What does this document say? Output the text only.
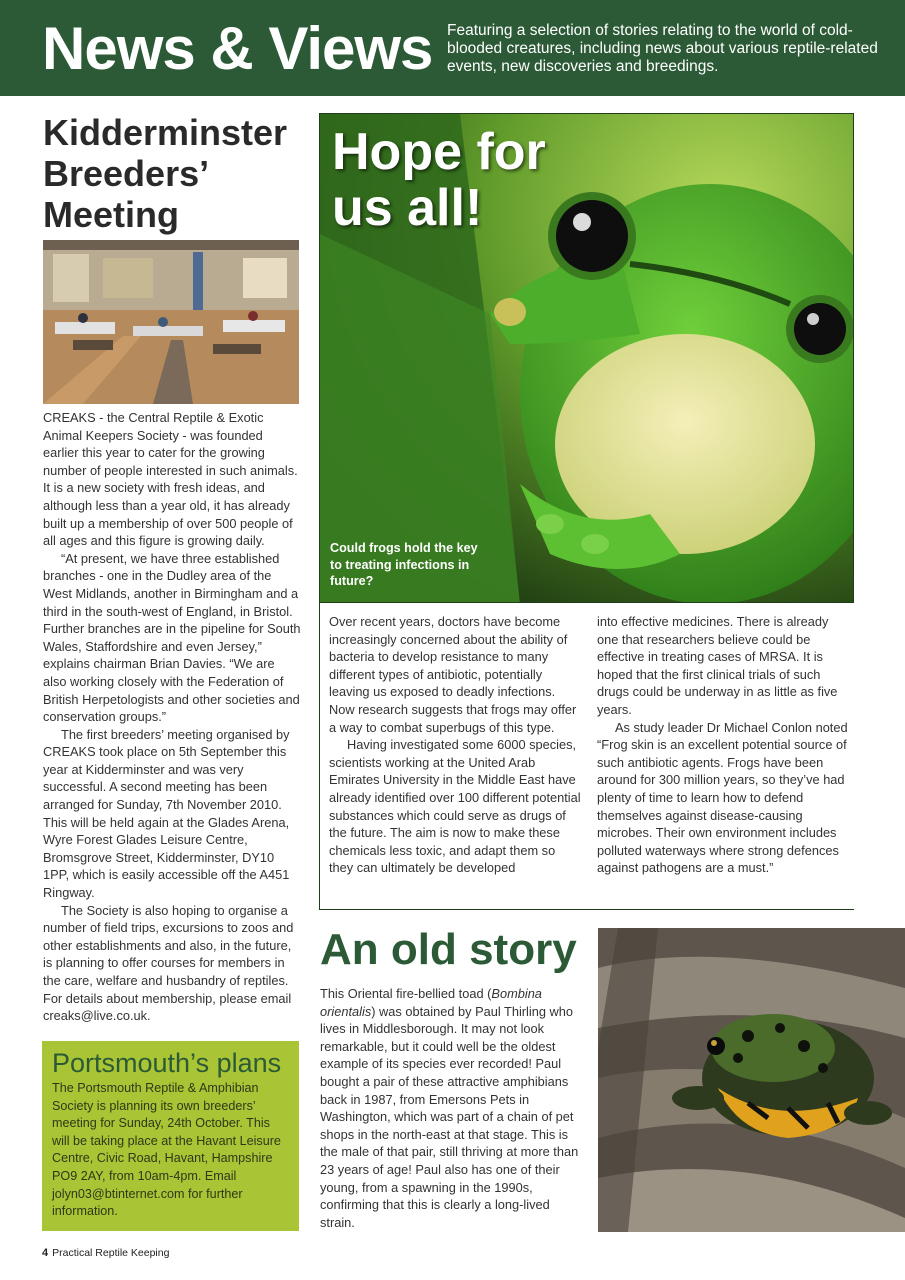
News & Views Featuring a selection of stories relating to the world of cold-blooded creatures, including news about various reptile-related events, new discoveries and breedings.
Kidderminster
Breeders’
Meeting

CREAKS - the Central Reptile & Exotic Animal Keepers Society - was founded earlier this year to cater for the growing number of people interested in such animals. It is a new society with fresh ideas, and although less than a year old, it has already built up a membership of over 500 people of all ages and this figure is growing daily.

“At present, we have three established branches - one in the Dudley area of the West Midlands, another in Birmingham and a third in the south-west of England, in Bristol. Further branches are in the pipeline for South Wales, Staffordshire and even Jersey,” explains chairman Brian Davies. “We are also working closely with the Federation of British Herpetologists and other societies and conservation groups.”

The first breeders’ meeting organised by CREAKS took place on 5th September this year at Kidderminster and was very successful. A second meeting has been arranged for Sunday, 7th November 2010. This will be held again at the Glades Arena, Wyre Forest Glades Leisure Centre, Bromsgrove Street, Kidderminster, DY10 1PP, which is easily accessible off the A451 Ringway.

The Society is also hoping to organise a number of field trips, excursions to zoos and other establishments and also, in the future, is planning to offer courses for members in the care, welfare and husbandry of reptiles. For details about membership, please email creaks@live.co.uk.

Portsmouth’s plans
The Portsmouth Reptile & Amphibian Society is planning its own breeders’ meeting for Sunday, 24th October. This will be taking place at the Havant Leisure Centre, Civic Road, Havant, Hampshire PO9 2AY, from 10am-4pm. Email jolyn03@btinternet.com for further information.
Hope for
us all!
Could frogs hold the key to treating infections in future?

Over recent years, doctors have become increasingly concerned about the ability of bacteria to develop resistance to many different types of antibiotic, potentially leaving us exposed to deadly infections. Now research suggests that frogs may offer a way to combat superbugs of this type.

Having investigated some 6000 species, scientists working at the United Arab Emirates University in the Middle East have already identified over 100 different potential substances which could serve as drugs of the future. The aim is now to make these chemicals less toxic, and adapt them so they can ultimately be developed

into effective medicines. There is already one that researchers believe could be effective in treating cases of MRSA. It is hoped that the first clinical trials of such drugs could be underway in as little as five years.

As study leader Dr Michael Conlon noted “Frog skin is an excellent potential source of such antibiotic agents. Frogs have been around for 300 million years, so they’ve had plenty of time to learn how to defend themselves against disease-causing microbes. Their own environment includes polluted waterways where strong defences against pathogens are a must.”

An old story

This Oriental fire-bellied toad (Bombina orientalis) was obtained by Paul Thirling who lives in Middlesborough. It may not look remarkable, but it could well be the oldest example of its species ever recorded! Paul bought a pair of these attractive amphibians back in 1987, from Emersons Pets in Washington, which was part of a chain of pet shops in the north-east at that stage. This is the male of that pair, still thriving at more than 23 years of age! Paul also has one of their young, from a spawning in the 1990s, confirming that this is clearly a long-lived strain.

4 Practical Reptile Keeping
